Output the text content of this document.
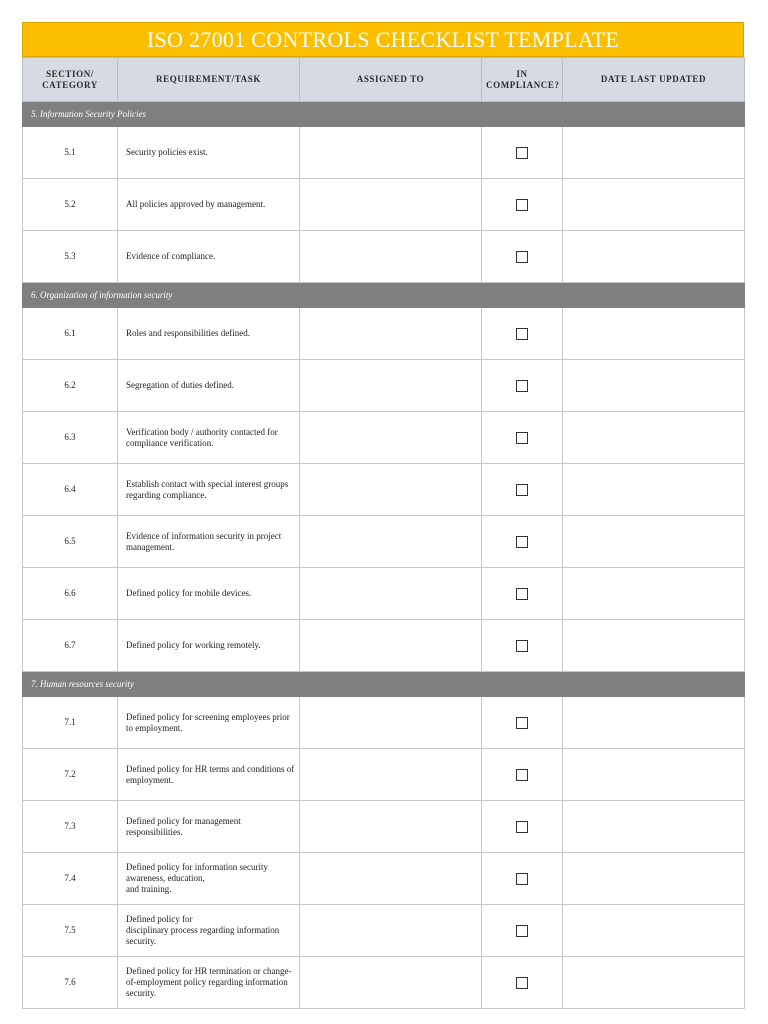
ISO 27001 CONTROLS CHECKLIST TEMPLATE
SECTION/ CATEGORY	REQUIREMENT/TASK	ASSIGNED TO	IN COMPLIANCE?	DATE LAST UPDATED
5. Information Security Policies				
5.1	Security policies exist.			
5.2	All policies approved by management.			
5.3	Evidence of compliance.			
6. Organization of information security				
6.1	Roles and responsibilities defined.			
6.2	Segregation of duties defined.			
6.3	Verification body / authority contacted for compliance verification.			
6.4	Establish contact with special interest groups regarding compliance.			
6.5	Evidence of information security in project management.			
6.6	Defined policy for mobile devices.			
6.7	Defined policy for working remotely.			
7. Human resources security				
7.1	Defined policy for screening employees prior to employment.			
7.2	Defined policy for HR terms and conditions of employment.			
7.3	Defined policy for management responsibilities.			
7.4	Defined policy for information security awareness, education,
and training.			
7.5	Defined policy for
disciplinary process regarding information security.			
7.6	Defined policy for HR termination or change-of-employment policy regarding information security.			
